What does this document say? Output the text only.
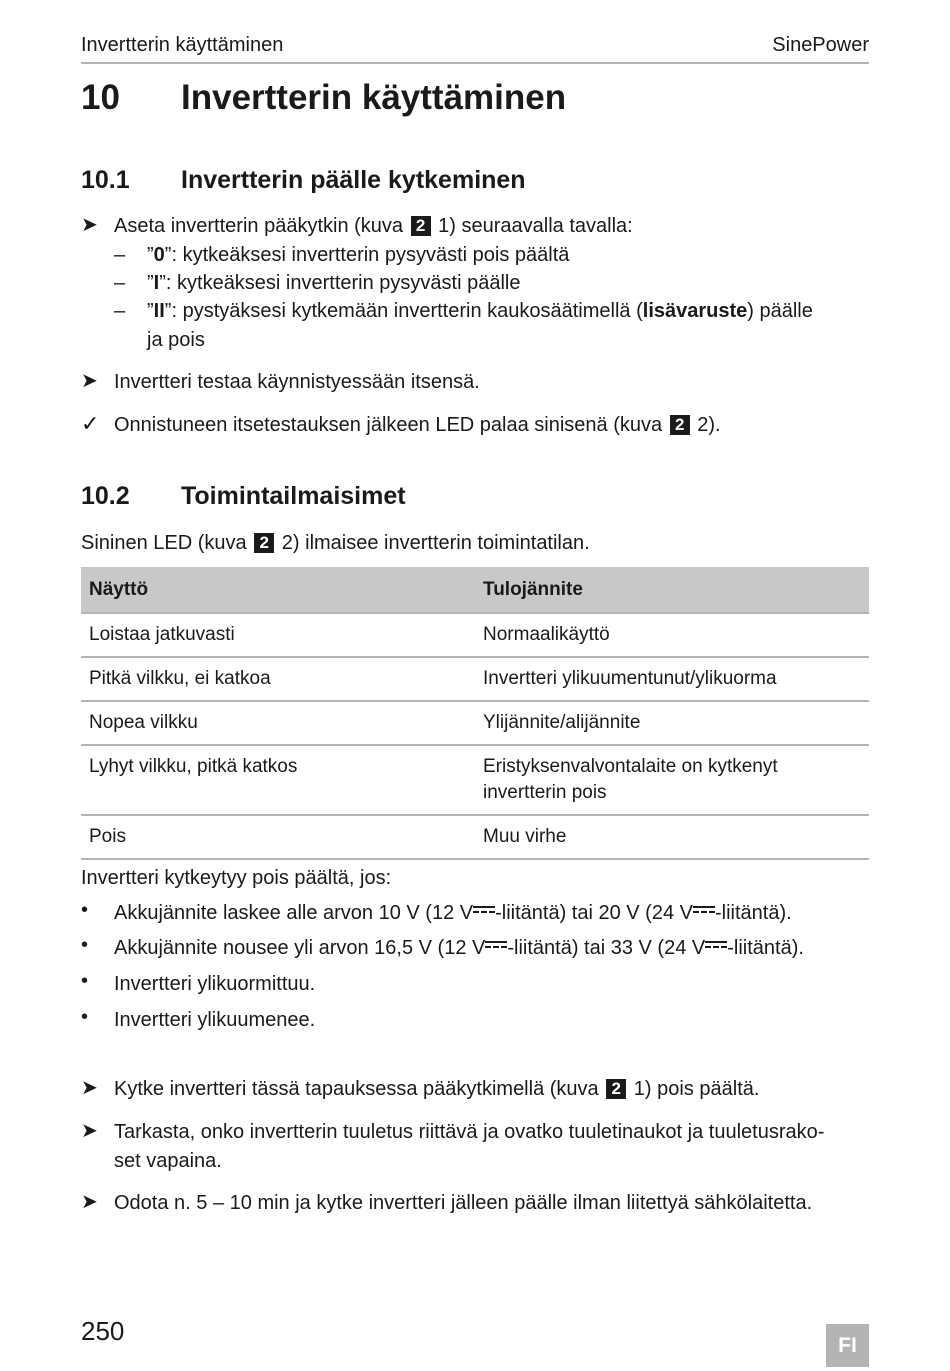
Invertterin käyttäminen	SinePower
10 Invertterin käyttäminen
10.1 Invertterin päälle kytkeminen
➤ Aseta invertterin pääkytkin (kuva 2 1) seuraavalla tavalla:
– ”0”: kytkeäksesi invertterin pysyvästi pois päältä
– ”I”: kytkeäksesi invertterin pysyvästi päälle
– ”II”: pystyäksesi kytkemään invertterin kaukosäätimellä (lisävaruste) päälle
ja pois
➤ Invertteri testaa käynnistyessään itsensä.
✓ Onnistuneen itsetestauksen jälkeen LED palaa sinisenä (kuva 2 2).
10.2 Toimintailmaisimet
Sininen LED (kuva 2 2) ilmaisee invertterin toimintatilan.
Näyttö	Tulojännite
Loistaa jatkuvasti	Normaalikäyttö
Pitkä vilkku, ei katkoa	Invertteri ylikuumentunut/ylikuorma
Nopea vilkku	Ylijännite/alijännite
Lyhyt vilkku, pitkä katkos	Eristyksenvalvontalaite on kytkenyt invertterin pois
Pois	Muu virhe
Invertteri kytkeytyy pois päältä, jos:
•	Akkujännite laskee alle arvon 10 V (12 V -liitäntä) tai 20 V (24 V -liitäntä).
•	Akkujännite nousee yli arvon 16,5 V (12 V -liitäntä) tai 33 V (24 V -liitäntä).
•	Invertteri ylikuormittuu.
•	Invertteri ylikuumenee.
➤ Kytke invertteri tässä tapauksessa pääkytkimellä (kuva 2 1) pois päältä.
➤ Tarkasta, onko invertterin tuuletus riittävä ja ovatko tuuletinaukot ja tuuletusrako-
set vapaina.
➤ Odota n. 5 – 10 min ja kytke invertteri jälleen päälle ilman liitettyä sähkölaitetta.
250	FI
